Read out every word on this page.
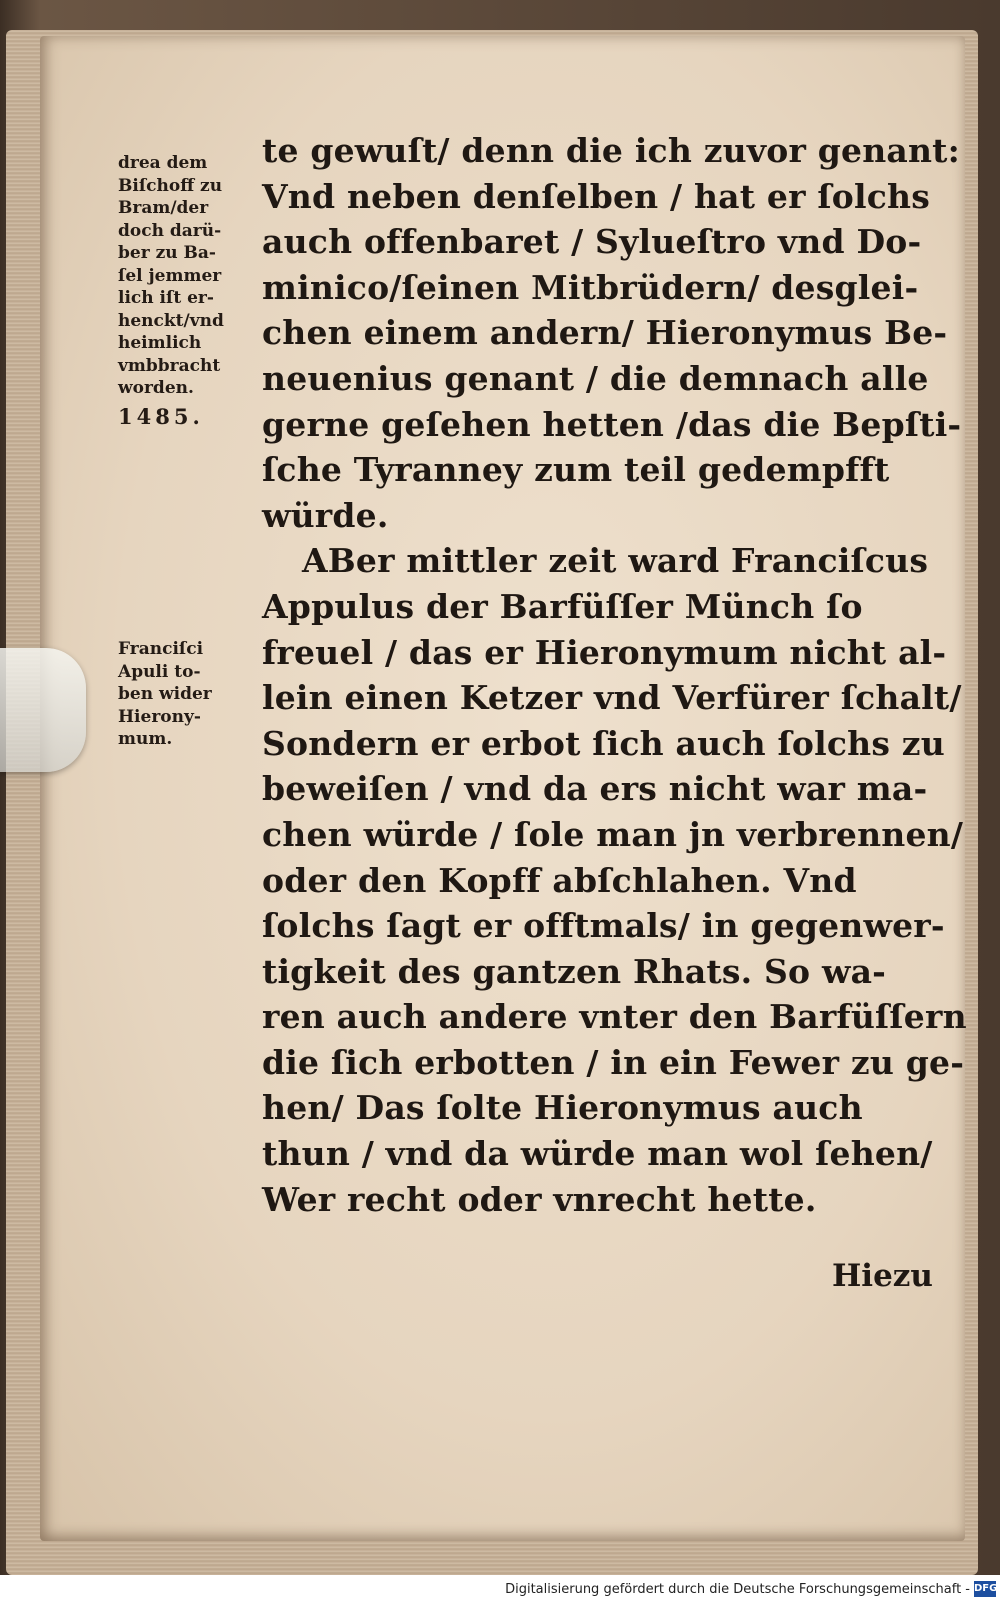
drea dem
Biſchoff zu
Bram/der
doch darü-
ber zu Ba-
ſel jemmer
lich iſt er-
henckt/vnd
heimlich
vmbbracht
worden.
1485.
Franciſci
Apuli to-
ben wider
Hierony-
mum.
te gewuſt/ denn die ich zuvor genant:
Vnd neben denſelben / hat er ſolchs
auch offenbaret / Sylueſtro vnd Do-
minico/ſeinen Mitbrüdern/ desglei-
chen einem andern/ Hieronymus Be-
neuenius genant / die demnach alle
gerne geſehen hetten /das die Bepſti-
ſche Tyranney zum teil gedempfft
würde.
ABer mittler zeit ward Franciſcus
Appulus der Barfüſſer Münch ſo
freuel / das er Hieronymum nicht al-
lein einen Ketzer vnd Verfürer ſchalt/
Sondern er erbot ſich auch ſolchs zu
beweiſen / vnd da ers nicht war ma-
chen würde / ſole man jn verbrennen/
oder den Kopff abſchlahen. Vnd
ſolchs ſagt er offtmals/ in gegenwer-
tigkeit des gantzen Rhats. So wa-
ren auch andere vnter den Barfüſſern
die ſich erbotten / in ein Fewer zu ge-
hen/ Das ſolte Hieronymus auch
thun / vnd da würde man wol ſehen/
Wer recht oder vnrecht hette.
Hiezu
Digitalisierung gefördert durch die Deutsche Forschungsgemeinschaft - DFG
